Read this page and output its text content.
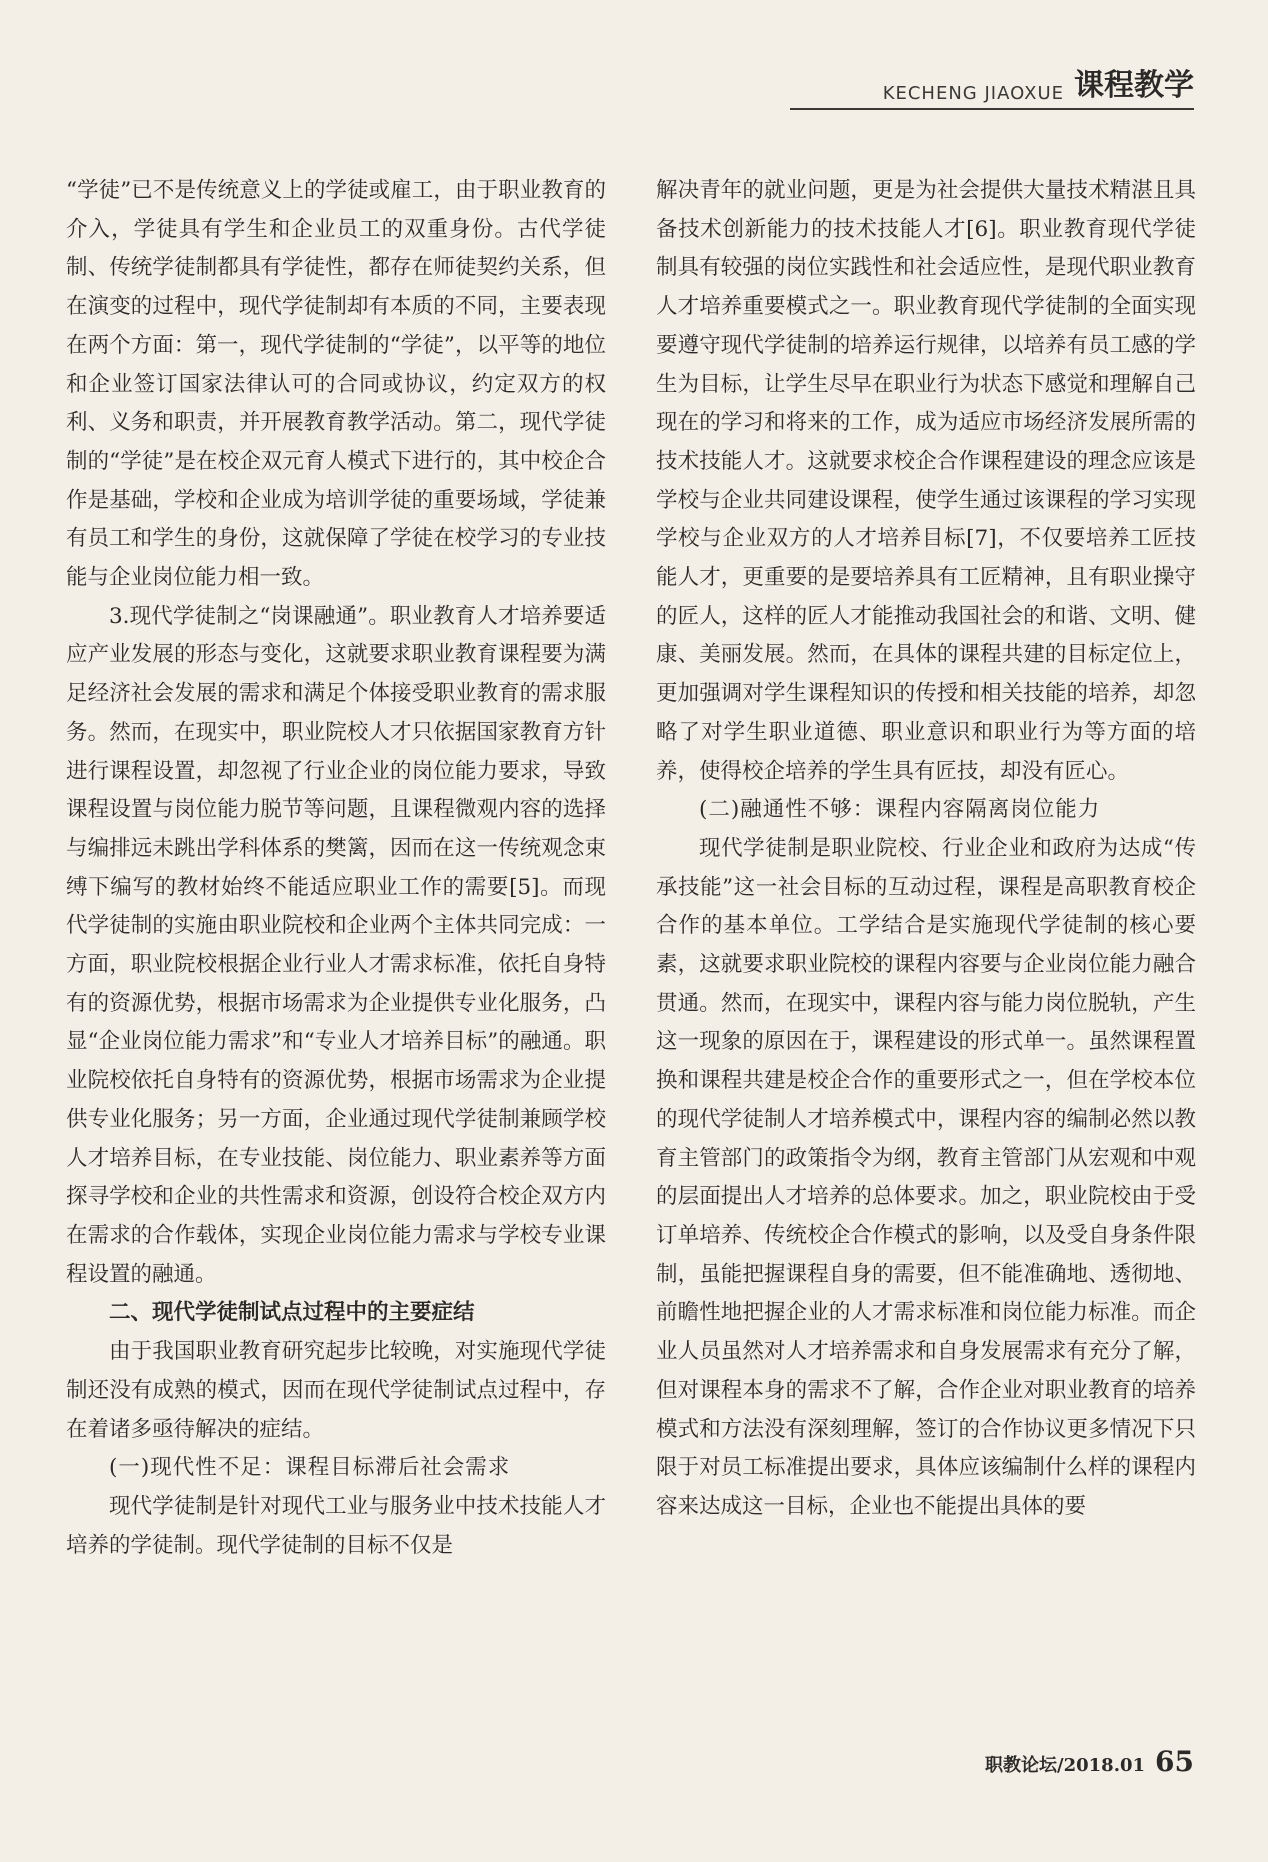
KECHENG JIAOXUE 课程教学

“学徒”已不是传统意义上的学徒或雇工，由于职业教育的介入，学徒具有学生和企业员工的双重身份。古代学徒制、传统学徒制都具有学徒性，都存在师徒契约关系，但在演变的过程中，现代学徒制却有本质的不同，主要表现在两个方面：第一，现代学徒制的“学徒”，以平等的地位和企业签订国家法律认可的合同或协议，约定双方的权利、义务和职责，并开展教育教学活动。第二，现代学徒制的“学徒”是在校企双元育人模式下进行的，其中校企合作是基础，学校和企业成为培训学徒的重要场域，学徒兼有员工和学生的身份，这就保障了学徒在校学习的专业技能与企业岗位能力相一致。

3.现代学徒制之“岗课融通”。职业教育人才培养要适应产业发展的形态与变化，这就要求职业教育课程要为满足经济社会发展的需求和满足个体接受职业教育的需求服务。然而，在现实中，职业院校人才只依据国家教育方针进行课程设置，却忽视了行业企业的岗位能力要求，导致课程设置与岗位能力脱节等问题，且课程微观内容的选择与编排远未跳出学科体系的樊篱，因而在这一传统观念束缚下编写的教材始终不能适应职业工作的需要[5]。而现代学徒制的实施由职业院校和企业两个主体共同完成：一方面，职业院校根据企业行业人才需求标准，依托自身特有的资源优势，根据市场需求为企业提供专业化服务，凸显“企业岗位能力需求”和“专业人才培养目标”的融通。职业院校依托自身特有的资源优势，根据市场需求为企业提供专业化服务；另一方面，企业通过现代学徒制兼顾学校人才培养目标，在专业技能、岗位能力、职业素养等方面探寻学校和企业的共性需求和资源，创设符合校企双方内在需求的合作载体，实现企业岗位能力需求与学校专业课程设置的融通。

二、现代学徒制试点过程中的主要症结

由于我国职业教育研究起步比较晚，对实施现代学徒制还没有成熟的模式，因而在现代学徒制试点过程中，存在着诸多亟待解决的症结。

(一)现代性不足：课程目标滞后社会需求

现代学徒制是针对现代工业与服务业中技术技能人才培养的学徒制。现代学徒制的目标不仅是

解决青年的就业问题，更是为社会提供大量技术精湛且具备技术创新能力的技术技能人才[6]。职业教育现代学徒制具有较强的岗位实践性和社会适应性，是现代职业教育人才培养重要模式之一。职业教育现代学徒制的全面实现要遵守现代学徒制的培养运行规律，以培养有员工感的学生为目标，让学生尽早在职业行为状态下感觉和理解自己现在的学习和将来的工作，成为适应市场经济发展所需的技术技能人才。这就要求校企合作课程建设的理念应该是学校与企业共同建设课程，使学生通过该课程的学习实现学校与企业双方的人才培养目标[7]，不仅要培养工匠技能人才，更重要的是要培养具有工匠精神，且有职业操守的匠人，这样的匠人才能推动我国社会的和谐、文明、健康、美丽发展。然而，在具体的课程共建的目标定位上，更加强调对学生课程知识的传授和相关技能的培养，却忽略了对学生职业道德、职业意识和职业行为等方面的培养，使得校企培养的学生具有匠技，却没有匠心。

(二)融通性不够：课程内容隔离岗位能力

现代学徒制是职业院校、行业企业和政府为达成“传承技能”这一社会目标的互动过程，课程是高职教育校企合作的基本单位。工学结合是实施现代学徒制的核心要素，这就要求职业院校的课程内容要与企业岗位能力融合贯通。然而，在现实中，课程内容与能力岗位脱轨，产生这一现象的原因在于，课程建设的形式单一。虽然课程置换和课程共建是校企合作的重要形式之一，但在学校本位的现代学徒制人才培养模式中，课程内容的编制必然以教育主管部门的政策指令为纲，教育主管部门从宏观和中观的层面提出人才培养的总体要求。加之，职业院校由于受订单培养、传统校企合作模式的影响，以及受自身条件限制，虽能把握课程自身的需要，但不能准确地、透彻地、前瞻性地把握企业的人才需求标准和岗位能力标准。而企业人员虽然对人才培养需求和自身发展需求有充分了解，但对课程本身的需求不了解，合作企业对职业教育的培养模式和方法没有深刻理解，签订的合作协议更多情况下只限于对员工标准提出要求，具体应该编制什么样的课程内容来达成这一目标，企业也不能提出具体的要

职教论坛/2018.01 65
